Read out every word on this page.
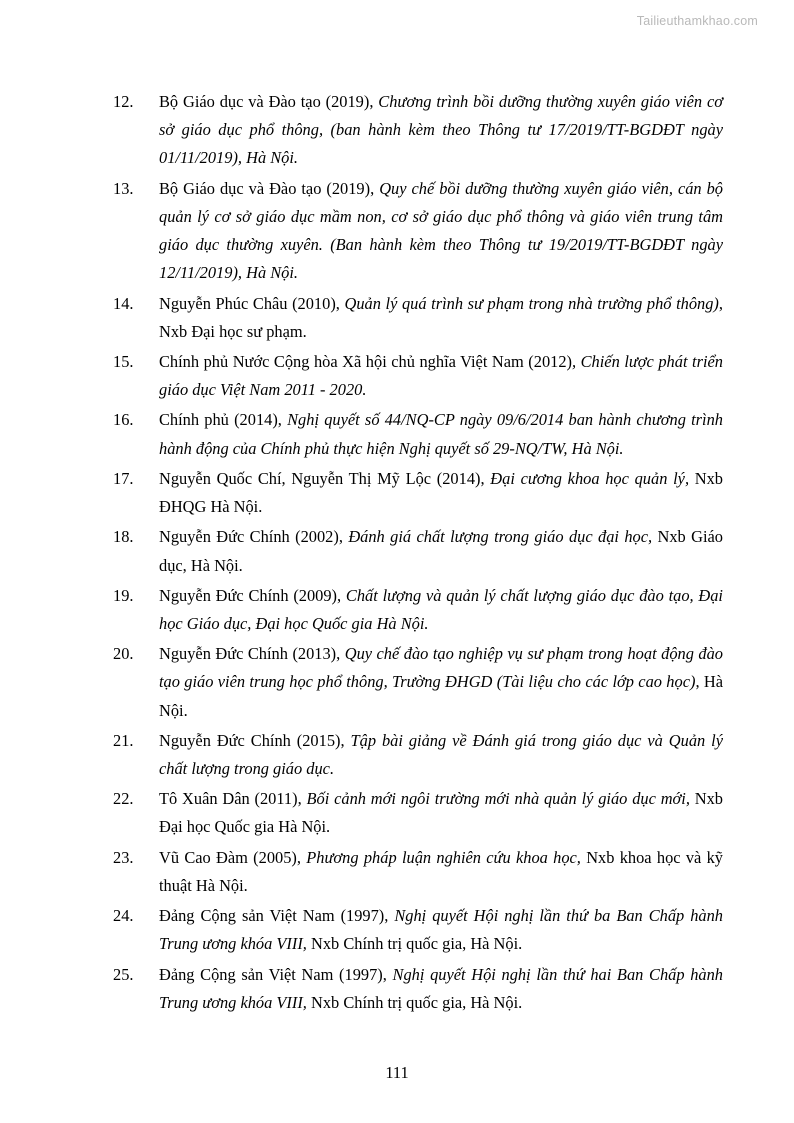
Tailieuthamkhao.com
12.	Bộ Giáo dục và Đào tạo (2019), Chương trình bồi dưỡng thường xuyên giáo viên cơ sở giáo dục phổ thông, (ban hành kèm theo Thông tư 17/2019/TT-BGDĐT ngày 01/11/2019), Hà Nội.
13.	Bộ Giáo dục và Đào tạo (2019), Quy chế bồi dưỡng thường xuyên giáo viên, cán bộ quản lý cơ sở giáo dục mầm non, cơ sở giáo dục phổ thông và giáo viên trung tâm giáo dục thường xuyên. (Ban hành kèm theo Thông tư 19/2019/TT-BGDĐT ngày 12/11/2019), Hà Nội.
14.	Nguyễn Phúc Châu (2010), Quản lý quá trình sư phạm trong nhà trường phổ thông), Nxb Đại học sư phạm.
15.	Chính phủ Nước Cộng hòa Xã hội chủ nghĩa Việt Nam (2012), Chiến lược phát triển giáo dục Việt Nam 2011 - 2020.
16.	Chính phủ (2014), Nghị quyết số 44/NQ-CP ngày 09/6/2014 ban hành chương trình hành động của Chính phủ thực hiện Nghị quyết số 29-NQ/TW, Hà Nội.
17.	Nguyễn Quốc Chí, Nguyễn Thị Mỹ Lộc (2014), Đại cương khoa học quản lý, Nxb ĐHQG Hà Nội.
18.	Nguyễn Đức Chính (2002), Đánh giá chất lượng trong giáo dục đại học, Nxb Giáo dục, Hà Nội.
19.	Nguyễn Đức Chính (2009), Chất lượng và quản lý chất lượng giáo dục đào tạo, Đại học Giáo dục, Đại học Quốc gia Hà Nội.
20.	Nguyễn Đức Chính (2013), Quy chế đào tạo nghiệp vụ sư phạm trong hoạt động đào tạo giáo viên trung học phổ thông, Trường ĐHGD (Tài liệu cho các lớp cao học), Hà Nội.
21.	Nguyễn Đức Chính (2015), Tập bài giảng về Đánh giá trong giáo dục và Quản lý chất lượng trong giáo dục.
22.	Tô Xuân Dân (2011), Bối cảnh mới ngôi trường mới nhà quản lý giáo dục mới, Nxb Đại học Quốc gia Hà Nội.
23.	Vũ Cao Đàm (2005), Phương pháp luận nghiên cứu khoa học, Nxb khoa học và kỹ thuật Hà Nội.
24.	Đảng Cộng sản Việt Nam (1997), Nghị quyết Hội nghị lần thứ ba Ban Chấp hành Trung ương khóa VIII, Nxb Chính trị quốc gia, Hà Nội.
25.	Đảng Cộng sản Việt Nam (1997), Nghị quyết Hội nghị lần thứ hai Ban Chấp hành Trung ương khóa VIII, Nxb Chính trị quốc gia, Hà Nội.
111
